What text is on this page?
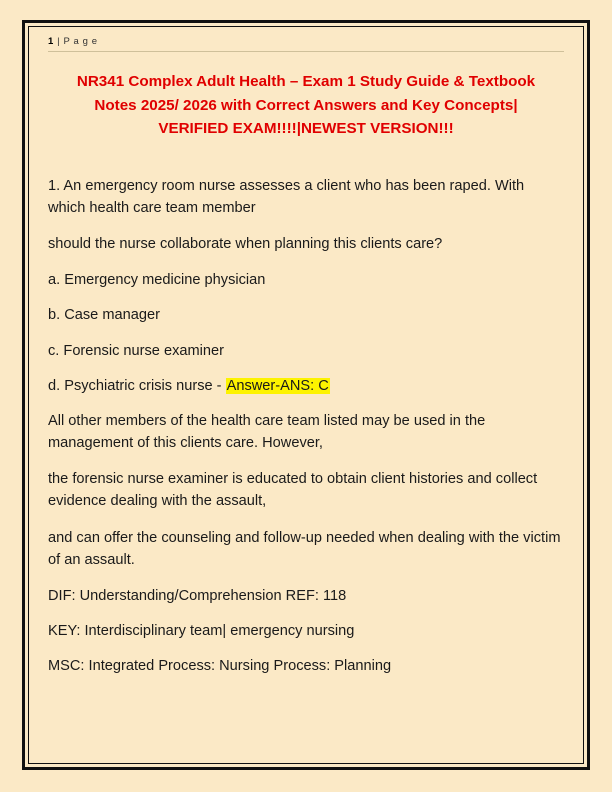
1 | P a g e
NR341 Complex Adult Health – Exam 1 Study Guide & Textbook Notes 2025/ 2026 with Correct Answers and Key Concepts| VERIFIED EXAM!!!!|NEWEST VERSION!!!

1. An emergency room nurse assesses a client who has been raped. With which health care team member

should the nurse collaborate when planning this clients care?

a. Emergency medicine physician

b. Case manager

c. Forensic nurse examiner

d. Psychiatric crisis nurse - Answer-ANS: C

All other members of the health care team listed may be used in the management of this clients care. However,

the forensic nurse examiner is educated to obtain client histories and collect evidence dealing with the assault,

and can offer the counseling and follow-up needed when dealing with the victim of an assault.

DIF: Understanding/Comprehension REF: 118

KEY: Interdisciplinary team| emergency nursing

MSC: Integrated Process: Nursing Process: Planning
